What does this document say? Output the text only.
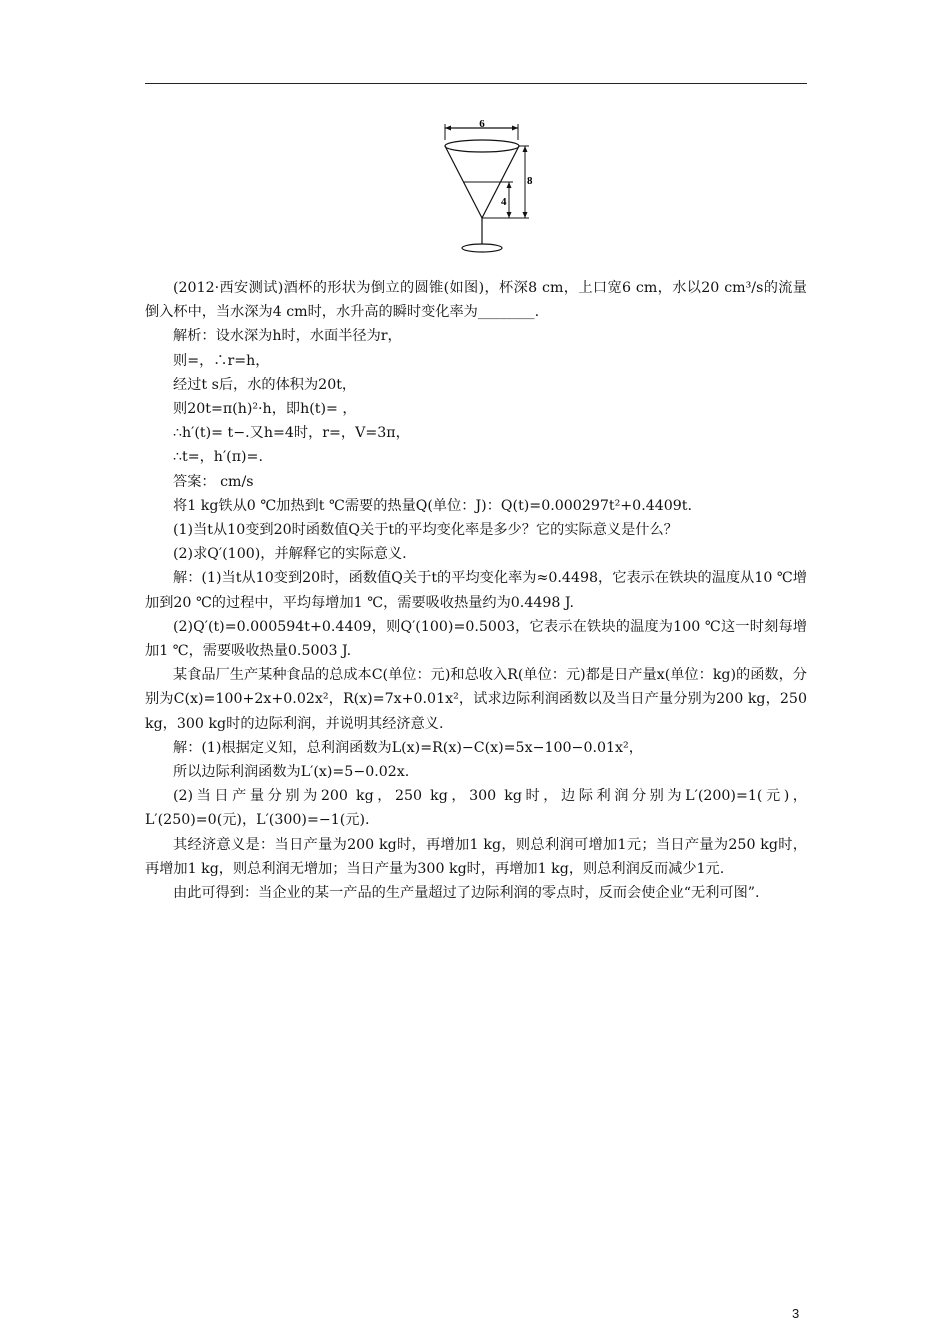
6
8
4

(2012·西安测试)酒杯的形状为倒立的圆锥(如图)，杯深8 cm，上口宽6 cm，水以20 cm³/s的流量倒入杯中，当水深为4 cm时，水升高的瞬时变化率为________.

解析：设水深为h时，水面半径为r，

则=，∴r=h，

经过t s后，水的体积为20t，

则20t=π(h)²·h，即h(t)= ，

∴h′(t)= t−.又h=4时，r=，V=3π，

∴t=，h′(π)=.

答案： cm/s

将1 kg铁从0 ℃加热到t ℃需要的热量Q(单位：J)：Q(t)=0.000297t²+0.4409t.

(1)当t从10变到20时函数值Q关于t的平均变化率是多少？它的实际意义是什么？

(2)求Q′(100)，并解释它的实际意义.

解：(1)当t从10变到20时，函数值Q关于t的平均变化率为≈0.4498，它表示在铁块的温度从10 ℃增加到20 ℃的过程中，平均每增加1 ℃，需要吸收热量约为0.4498 J.

(2)Q′(t)=0.000594t+0.4409，则Q′(100)=0.5003，它表示在铁块的温度为100 ℃这一时刻每增加1 ℃，需要吸收热量0.5003 J.

某食品厂生产某种食品的总成本C(单位：元)和总收入R(单位：元)都是日产量x(单位：kg)的函数，分别为C(x)=100+2x+0.02x²，R(x)=7x+0.01x²，试求边际利润函数以及当日产量分别为200 kg，250 kg，300 kg时的边际利润，并说明其经济意义.

解：(1)根据定义知，总利润函数为L(x)=R(x)−C(x)=5x−100−0.01x²，

所以边际利润函数为L′(x)=5−0.02x.

(2)当日产量分别为200 kg，250 kg，300 kg时，边际利润分别为L′(200)=1(元)，L′(250)=0(元)，L′(300)=−1(元).

其经济意义是：当日产量为200 kg时，再增加1 kg，则总利润可增加1元；当日产量为250 kg时，再增加1 kg，则总利润无增加；当日产量为300 kg时，再增加1 kg，则总利润反而减少1元.

由此可得到：当企业的某一产品的生产量超过了边际利润的零点时，反而会使企业“无利可图”.

3
